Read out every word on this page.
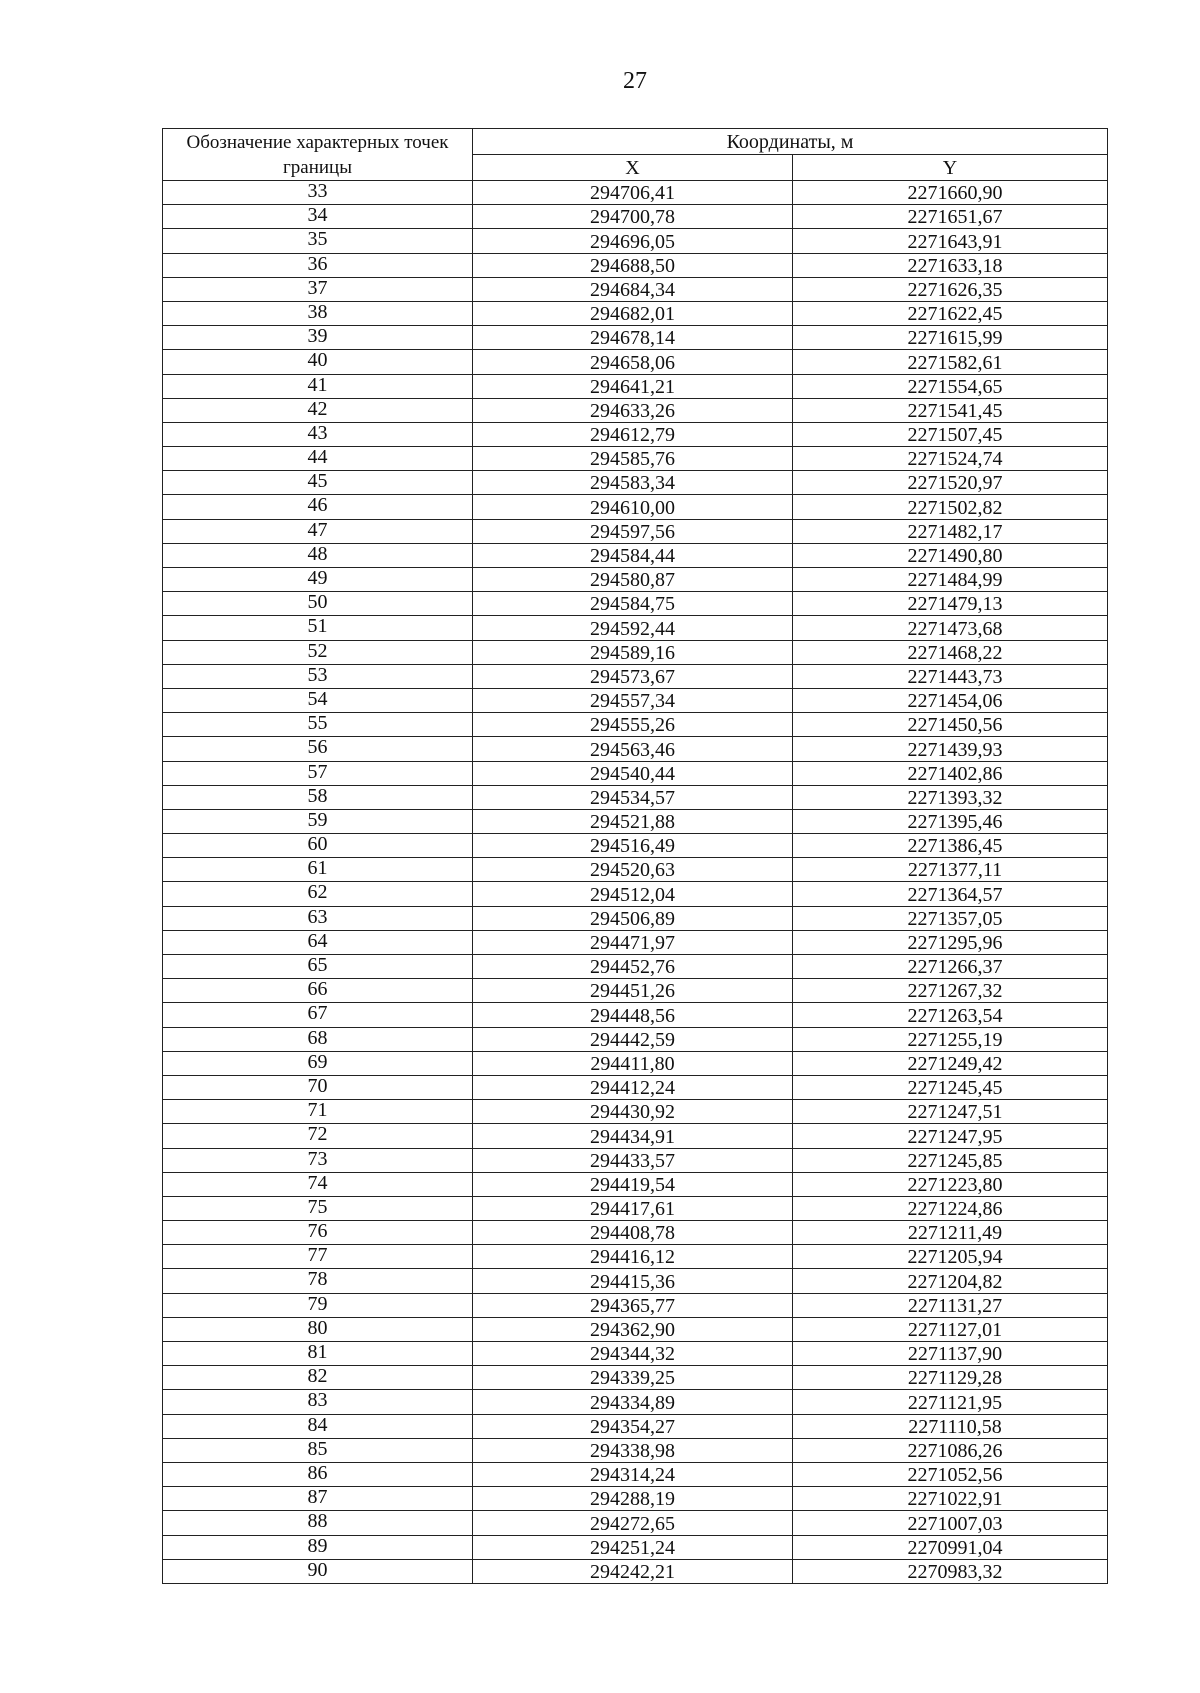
27
Обозначение характерных точек границы	Координаты, м	
	X	Y
33	294706,41	2271660,90
34	294700,78	2271651,67
35	294696,05	2271643,91
36	294688,50	2271633,18
37	294684,34	2271626,35
38	294682,01	2271622,45
39	294678,14	2271615,99
40	294658,06	2271582,61
41	294641,21	2271554,65
42	294633,26	2271541,45
43	294612,79	2271507,45
44	294585,76	2271524,74
45	294583,34	2271520,97
46	294610,00	2271502,82
47	294597,56	2271482,17
48	294584,44	2271490,80
49	294580,87	2271484,99
50	294584,75	2271479,13
51	294592,44	2271473,68
52	294589,16	2271468,22
53	294573,67	2271443,73
54	294557,34	2271454,06
55	294555,26	2271450,56
56	294563,46	2271439,93
57	294540,44	2271402,86
58	294534,57	2271393,32
59	294521,88	2271395,46
60	294516,49	2271386,45
61	294520,63	2271377,11
62	294512,04	2271364,57
63	294506,89	2271357,05
64	294471,97	2271295,96
65	294452,76	2271266,37
66	294451,26	2271267,32
67	294448,56	2271263,54
68	294442,59	2271255,19
69	294411,80	2271249,42
70	294412,24	2271245,45
71	294430,92	2271247,51
72	294434,91	2271247,95
73	294433,57	2271245,85
74	294419,54	2271223,80
75	294417,61	2271224,86
76	294408,78	2271211,49
77	294416,12	2271205,94
78	294415,36	2271204,82
79	294365,77	2271131,27
80	294362,90	2271127,01
81	294344,32	2271137,90
82	294339,25	2271129,28
83	294334,89	2271121,95
84	294354,27	2271110,58
85	294338,98	2271086,26
86	294314,24	2271052,56
87	294288,19	2271022,91
88	294272,65	2271007,03
89	294251,24	2270991,04
90	294242,21	2270983,32
